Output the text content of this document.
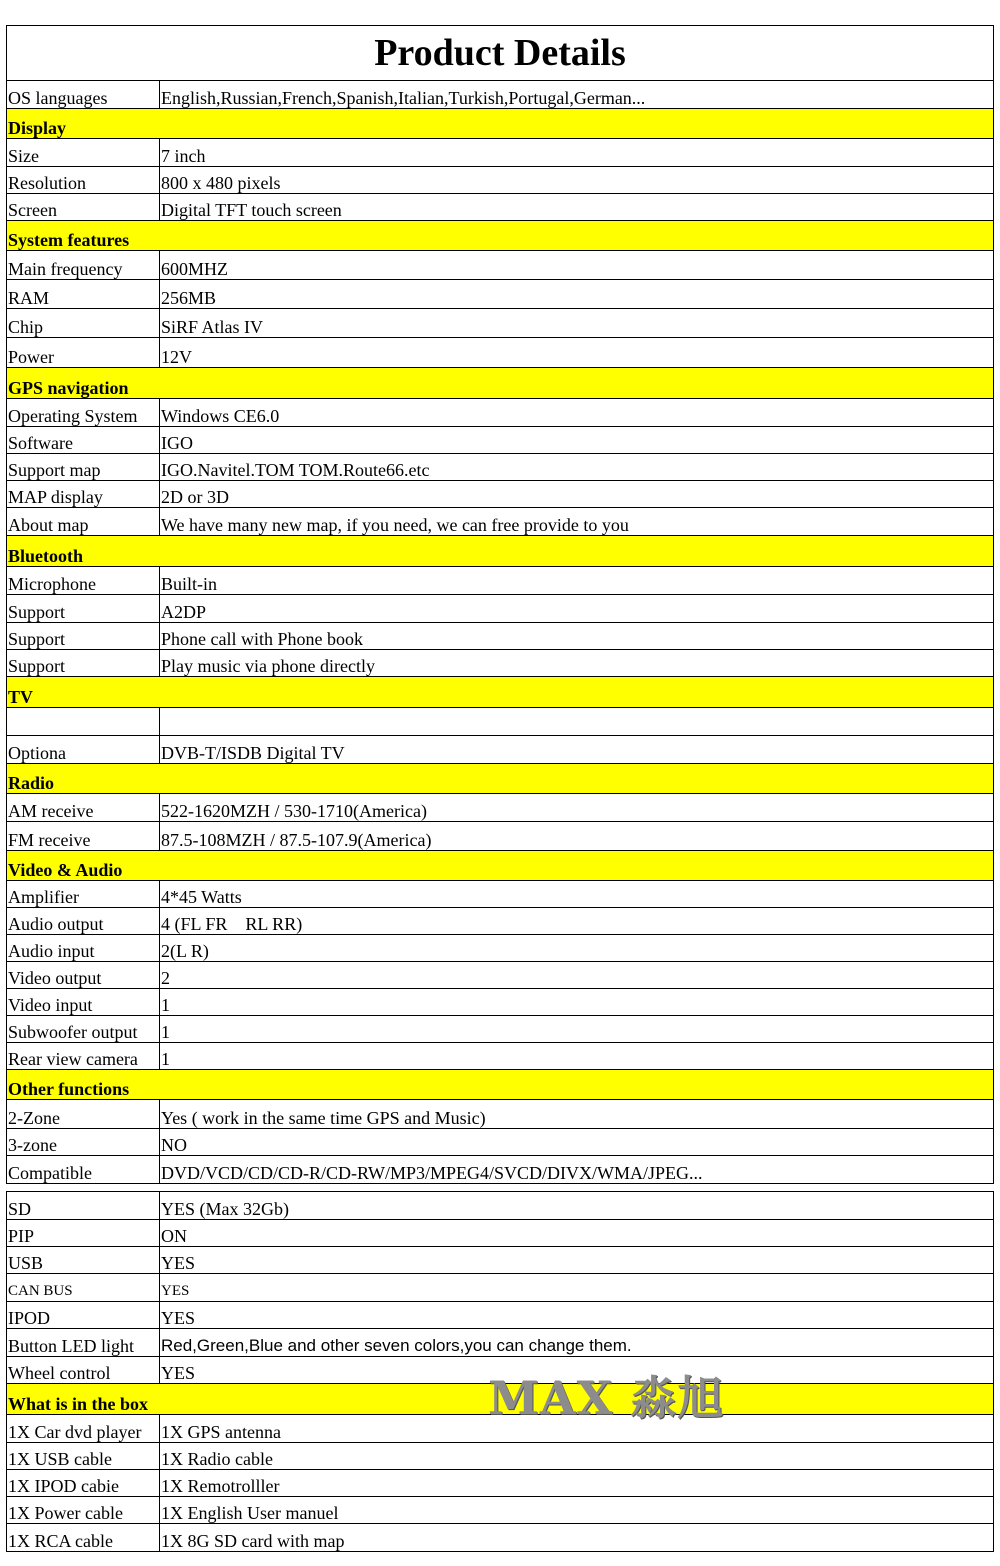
Product Details
OS languages	English,Russian,French,Spanish,Italian,Turkish,Portugal,German...
Display	
Size	7 inch
Resolution	800 x 480 pixels
Screen	Digital TFT touch screen
System features	
Main frequency	600MHZ
RAM	256MB
Chip	SiRF Atlas IV
Power	12V
GPS navigation	
Operating System	Windows CE6.0
Software	IGO
Support map	IGO.Navitel.TOM TOM.Route66.etc
MAP display	2D or 3D
About map	We have many new map, if you need, we can free provide to you
Bluetooth	
Microphone	Built-in
Support	A2DP
Support	Phone call with Phone book
Support	Play music via phone directly
TV	

Optiona	DVB-T/ISDB Digital TV
Radio	
AM receive	522-1620MZH / 530-1710(America)
FM receive	87.5-108MZH / 87.5-107.9(America)
Video & Audio	
Amplifier	4*45 Watts
Audio output	4 (FL FR    RL RR)
Audio input	2(L R)
Video output	2
Video input	1
Subwoofer output	1
Rear view camera	1
Other functions	
2-Zone	Yes ( work in the same time GPS and Music)
3-zone	NO
Compatible	DVD/VCD/CD/CD-R/CD-RW/MP3/MPEG4/SVCD/DIVX/WMA/JPEG...

SD	YES (Max 32Gb)
PIP	ON
USB	YES
CAN BUS	YES
IPOD	YES
Button LED light	Red,Green,Blue and other seven colors,you can change them.
Wheel control	YES
What is in the box	
1X Car dvd player	1X GPS antenna
1X USB cable	1X Radio cable
1X IPOD cabie	1X Remotrolller
1X Power cable	1X English User manuel
1X RCA cable	1X 8G SD card with map
MAX 淼旭
